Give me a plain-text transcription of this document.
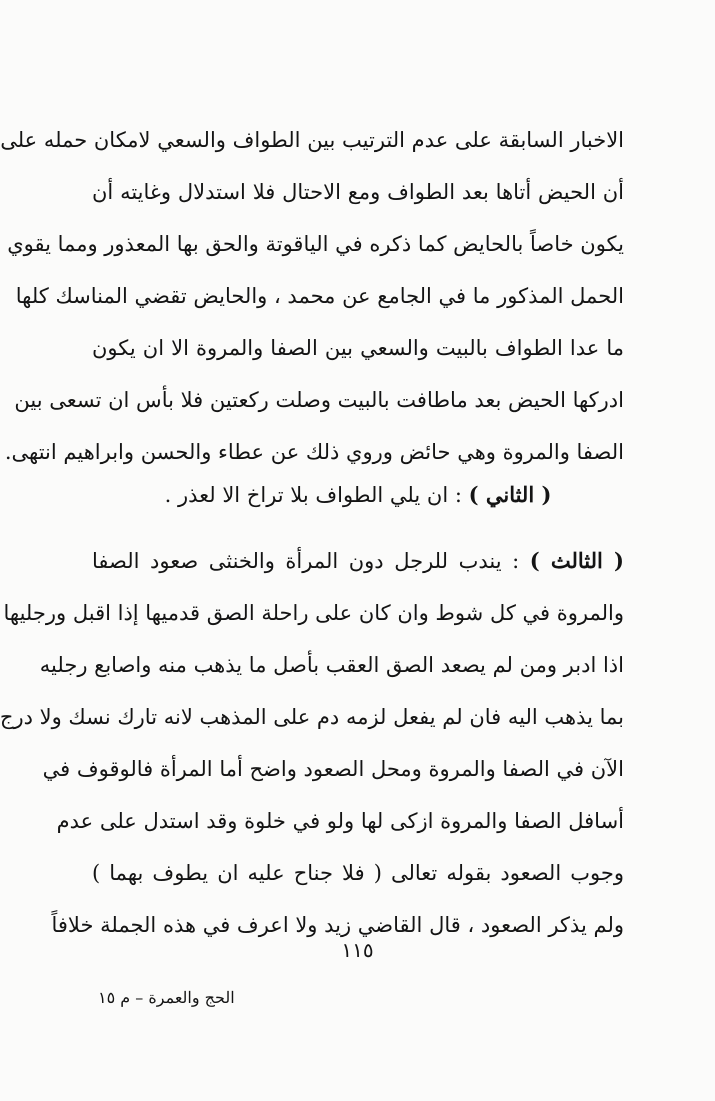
الاخبار السابقة على عدم الترتيب بين الطواف والسعي لامكان حمله على
أن الحيض أتاها بعد الطواف ومع الاحتال فلا استدلال وغايته أن
يكون خاصاً بالحايض كما ذكره في الياقوتة والحق بها المعذور ومما يقوي
الحمل المذكور ما في الجامع عن محمد ، والحايض تقضي المناسك كلها
ما عدا الطواف بالبيت والسعي بين الصفا والمروة الا ان يكون
ادركها الحيض بعد ماطافت بالبيت وصلت ركعتين فلا بأس ان تسعى بين
الصفا والمروة وهي حائض وروي ذلك عن عطاء والحسن وابراهيم انتهى.
( الثاني ) : ان يلي الطواف بلا تراخ الا لعذر .
( الثالث ) : يندب للرجل دون المرأة والخنثى صعود الصفا
والمروة في كل شوط وان كان على راحلة الصق قدميها إذا اقبل ورجليها
اذا ادبر ومن لم يصعد الصق العقب بأصل ما يذهب منه واصابع رجليه
بما يذهب اليه فان لم يفعل لزمه دم على المذهب لانه تارك نسك ولا درج
الآن في الصفا والمروة ومحل الصعود واضح أما المرأة فالوقوف في
أسافل الصفا والمروة ازكى لها ولو في خلوة وقد استدل على عدم
وجوب الصعود بقوله تعالى ( فلا جناح عليه ان يطوف بهما )
ولم يذكر الصعود ، قال القاضي زيد ولا اعرف في هذه الجملة خلافاً
١١٥
الحج والعمرة – م ١٥
